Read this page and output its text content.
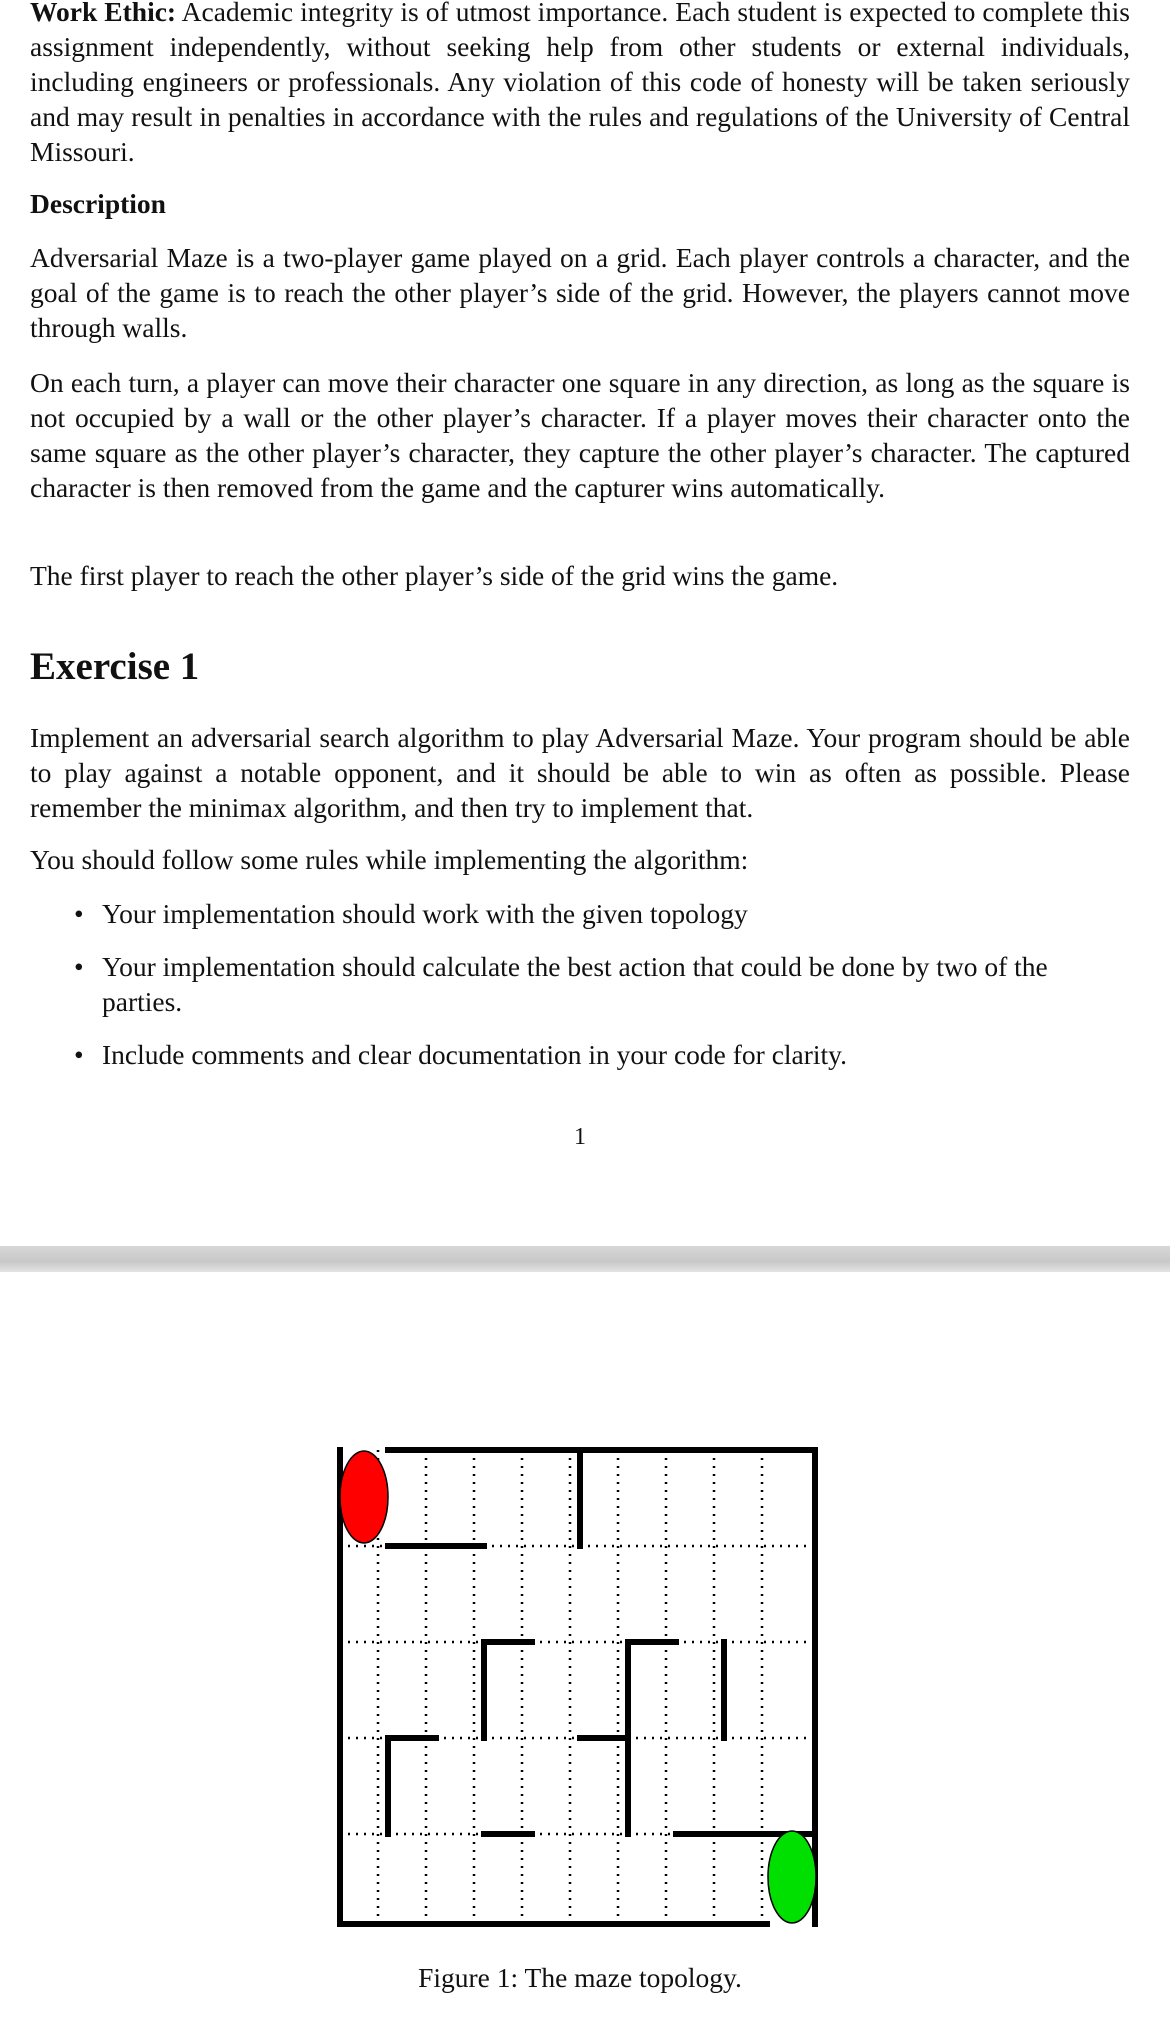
Work Ethic: Academic integrity is of utmost importance. Each student is expected to complete this assignment independently, without seeking help from other students or external individuals, including engineers or professionals. Any violation of this code of honesty will be taken seriously and may result in penalties in accordance with the rules and regulations of the University of Central Missouri.

Description

Adversarial Maze is a two-player game played on a grid. Each player controls a character, and the goal of the game is to reach the other player’s side of the grid. However, the players cannot move through walls.

On each turn, a player can move their character one square in any direction, as long as the square is not occupied by a wall or the other player’s character. If a player moves their character onto the same square as the other player’s character, they capture the other player’s character. The captured character is then removed from the game and the capturer wins automatically.

The first player to reach the other player’s side of the grid wins the game.

Exercise 1

Implement an adversarial search algorithm to play Adversarial Maze. Your program should be able to play against a notable opponent, and it should be able to win as often as possible. Please remember the minimax algorithm, and then try to implement that.

You should follow some rules while implementing the algorithm:

• Your implementation should work with the given topology
• Your implementation should calculate the best action that could be done by two of the parties.
• Include comments and clear documentation in your code for clarity.
1
Figure 1: The maze topology.
